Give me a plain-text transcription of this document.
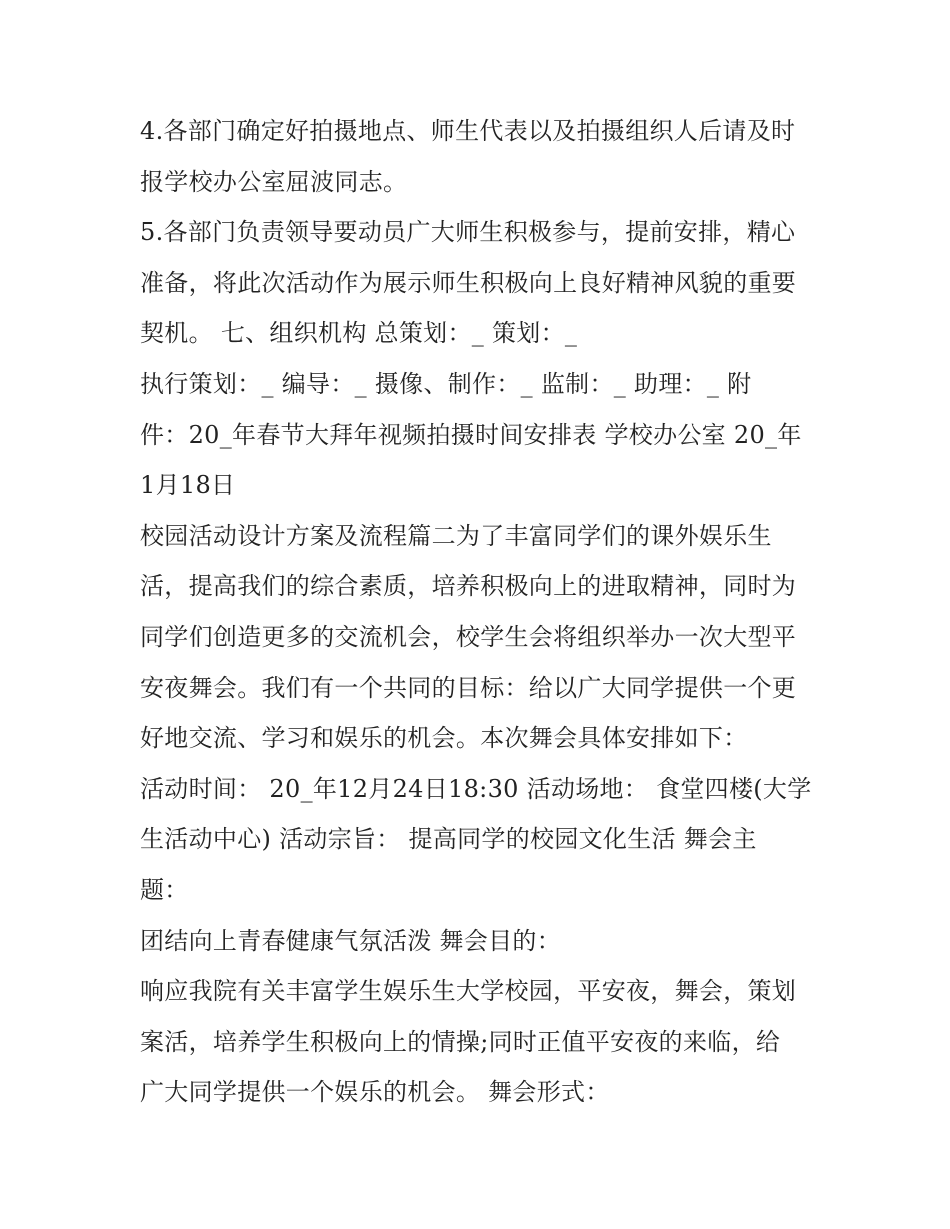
4.各部门确定好拍摄地点、师生代表以及拍摄组织人后请及时
报学校办公室屈波同志。
5.各部门负责领导要动员广大师生积极参与，提前安排，精心
准备，将此次活动作为展示师生积极向上良好精神风貌的重要
契机。 七、组织机构 总策划：_ 策划：_
执行策划：_ 编导：_ 摄像、制作：_ 监制：_ 助理：_ 附
件：20_年春节大拜年视频拍摄时间安排表 学校办公室 20_年
1月18日
校园活动设计方案及流程篇二为了丰富同学们的课外娱乐生
活，提高我们的综合素质，培养积极向上的进取精神，同时为
同学们创造更多的交流机会，校学生会将组织举办一次大型平
安夜舞会。我们有一个共同的目标：给以广大同学提供一个更
好地交流、学习和娱乐的机会。本次舞会具体安排如下：
活动时间： 20_年12月24日18:30 活动场地： 食堂四楼(大学
生活动中心) 活动宗旨： 提高同学的校园文化生活 舞会主
题：
团结向上青春健康气氛活泼 舞会目的：
响应我院有关丰富学生娱乐生大学校园，平安夜，舞会，策划
案活，培养学生积极向上的情操;同时正值平安夜的来临，给
广大同学提供一个娱乐的机会。 舞会形式：
